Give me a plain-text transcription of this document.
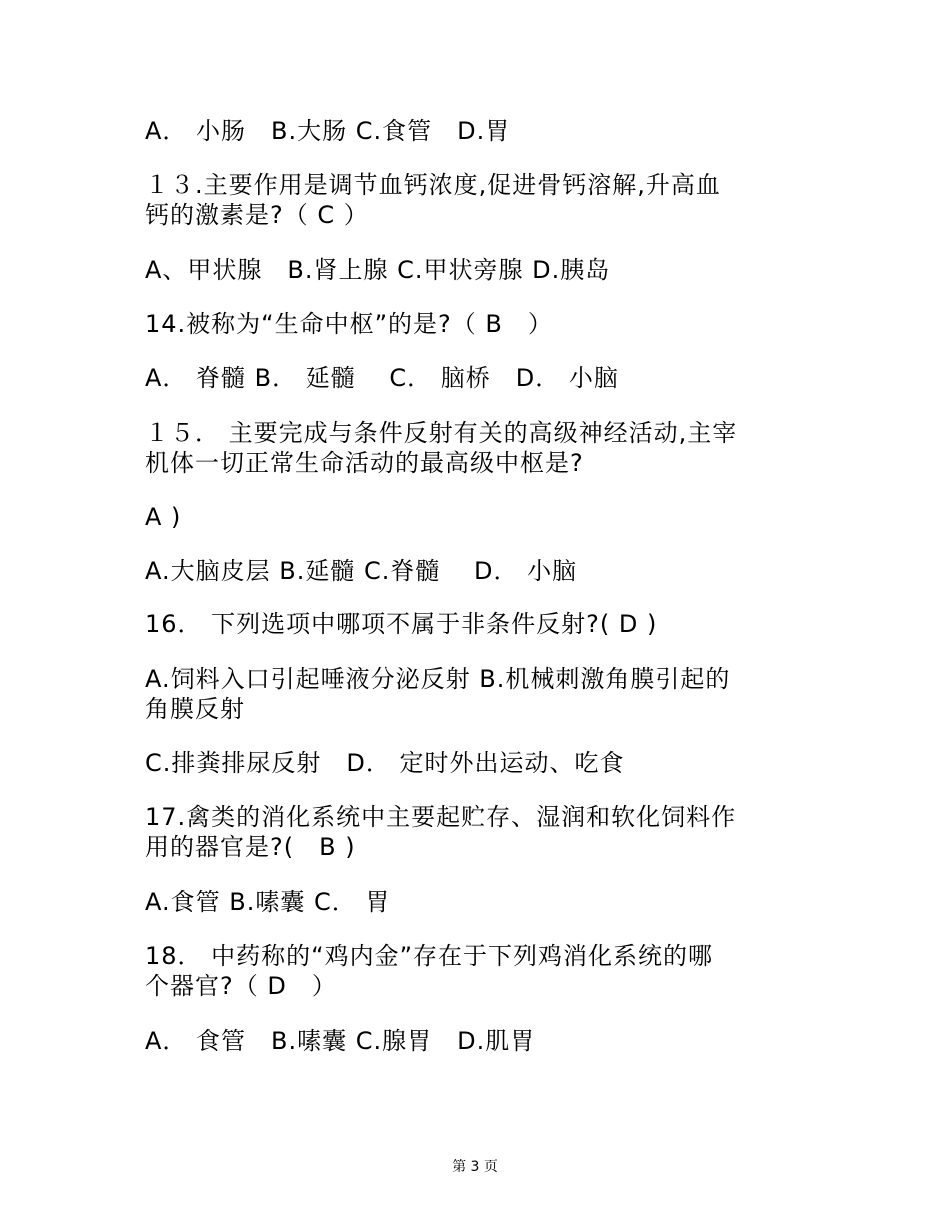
A． 小肠　B.大肠 C.食管　D.胃
１３.主要作用是调节血钙浓度,促进骨钙溶解,升高血
钙的激素是?（ C ）
A、甲状腺　B.肾上腺 C.甲状旁腺 D.胰岛
14.被称为“生命中枢”的是?（ B　）
A． 脊髓 B． 延髓　 C． 脑桥　D． 小脑
１５． 主要完成与条件反射有关的高级神经活动,主宰
机体一切正常生命活动的最高级中枢是?
A )
A.大脑皮层 B.延髓 C.脊髓　 D． 小脑
16． 下列选项中哪项不属于非条件反射?( D )
A.饲料入口引起唾液分泌反射 B.机械刺激角膜引起的
角膜反射
C.排粪排尿反射　D． 定时外出运动、吃食
17.禽类的消化系统中主要起贮存、湿润和软化饲料作
用的器官是?(　B )
A.食管 B.嗉囊 C． 胃
18． 中药称的“鸡内金”存在于下列鸡消化系统的哪
个器官?（ D　）
A． 食管　B.嗉囊 C.腺胃　D.肌胃
第 3 页
